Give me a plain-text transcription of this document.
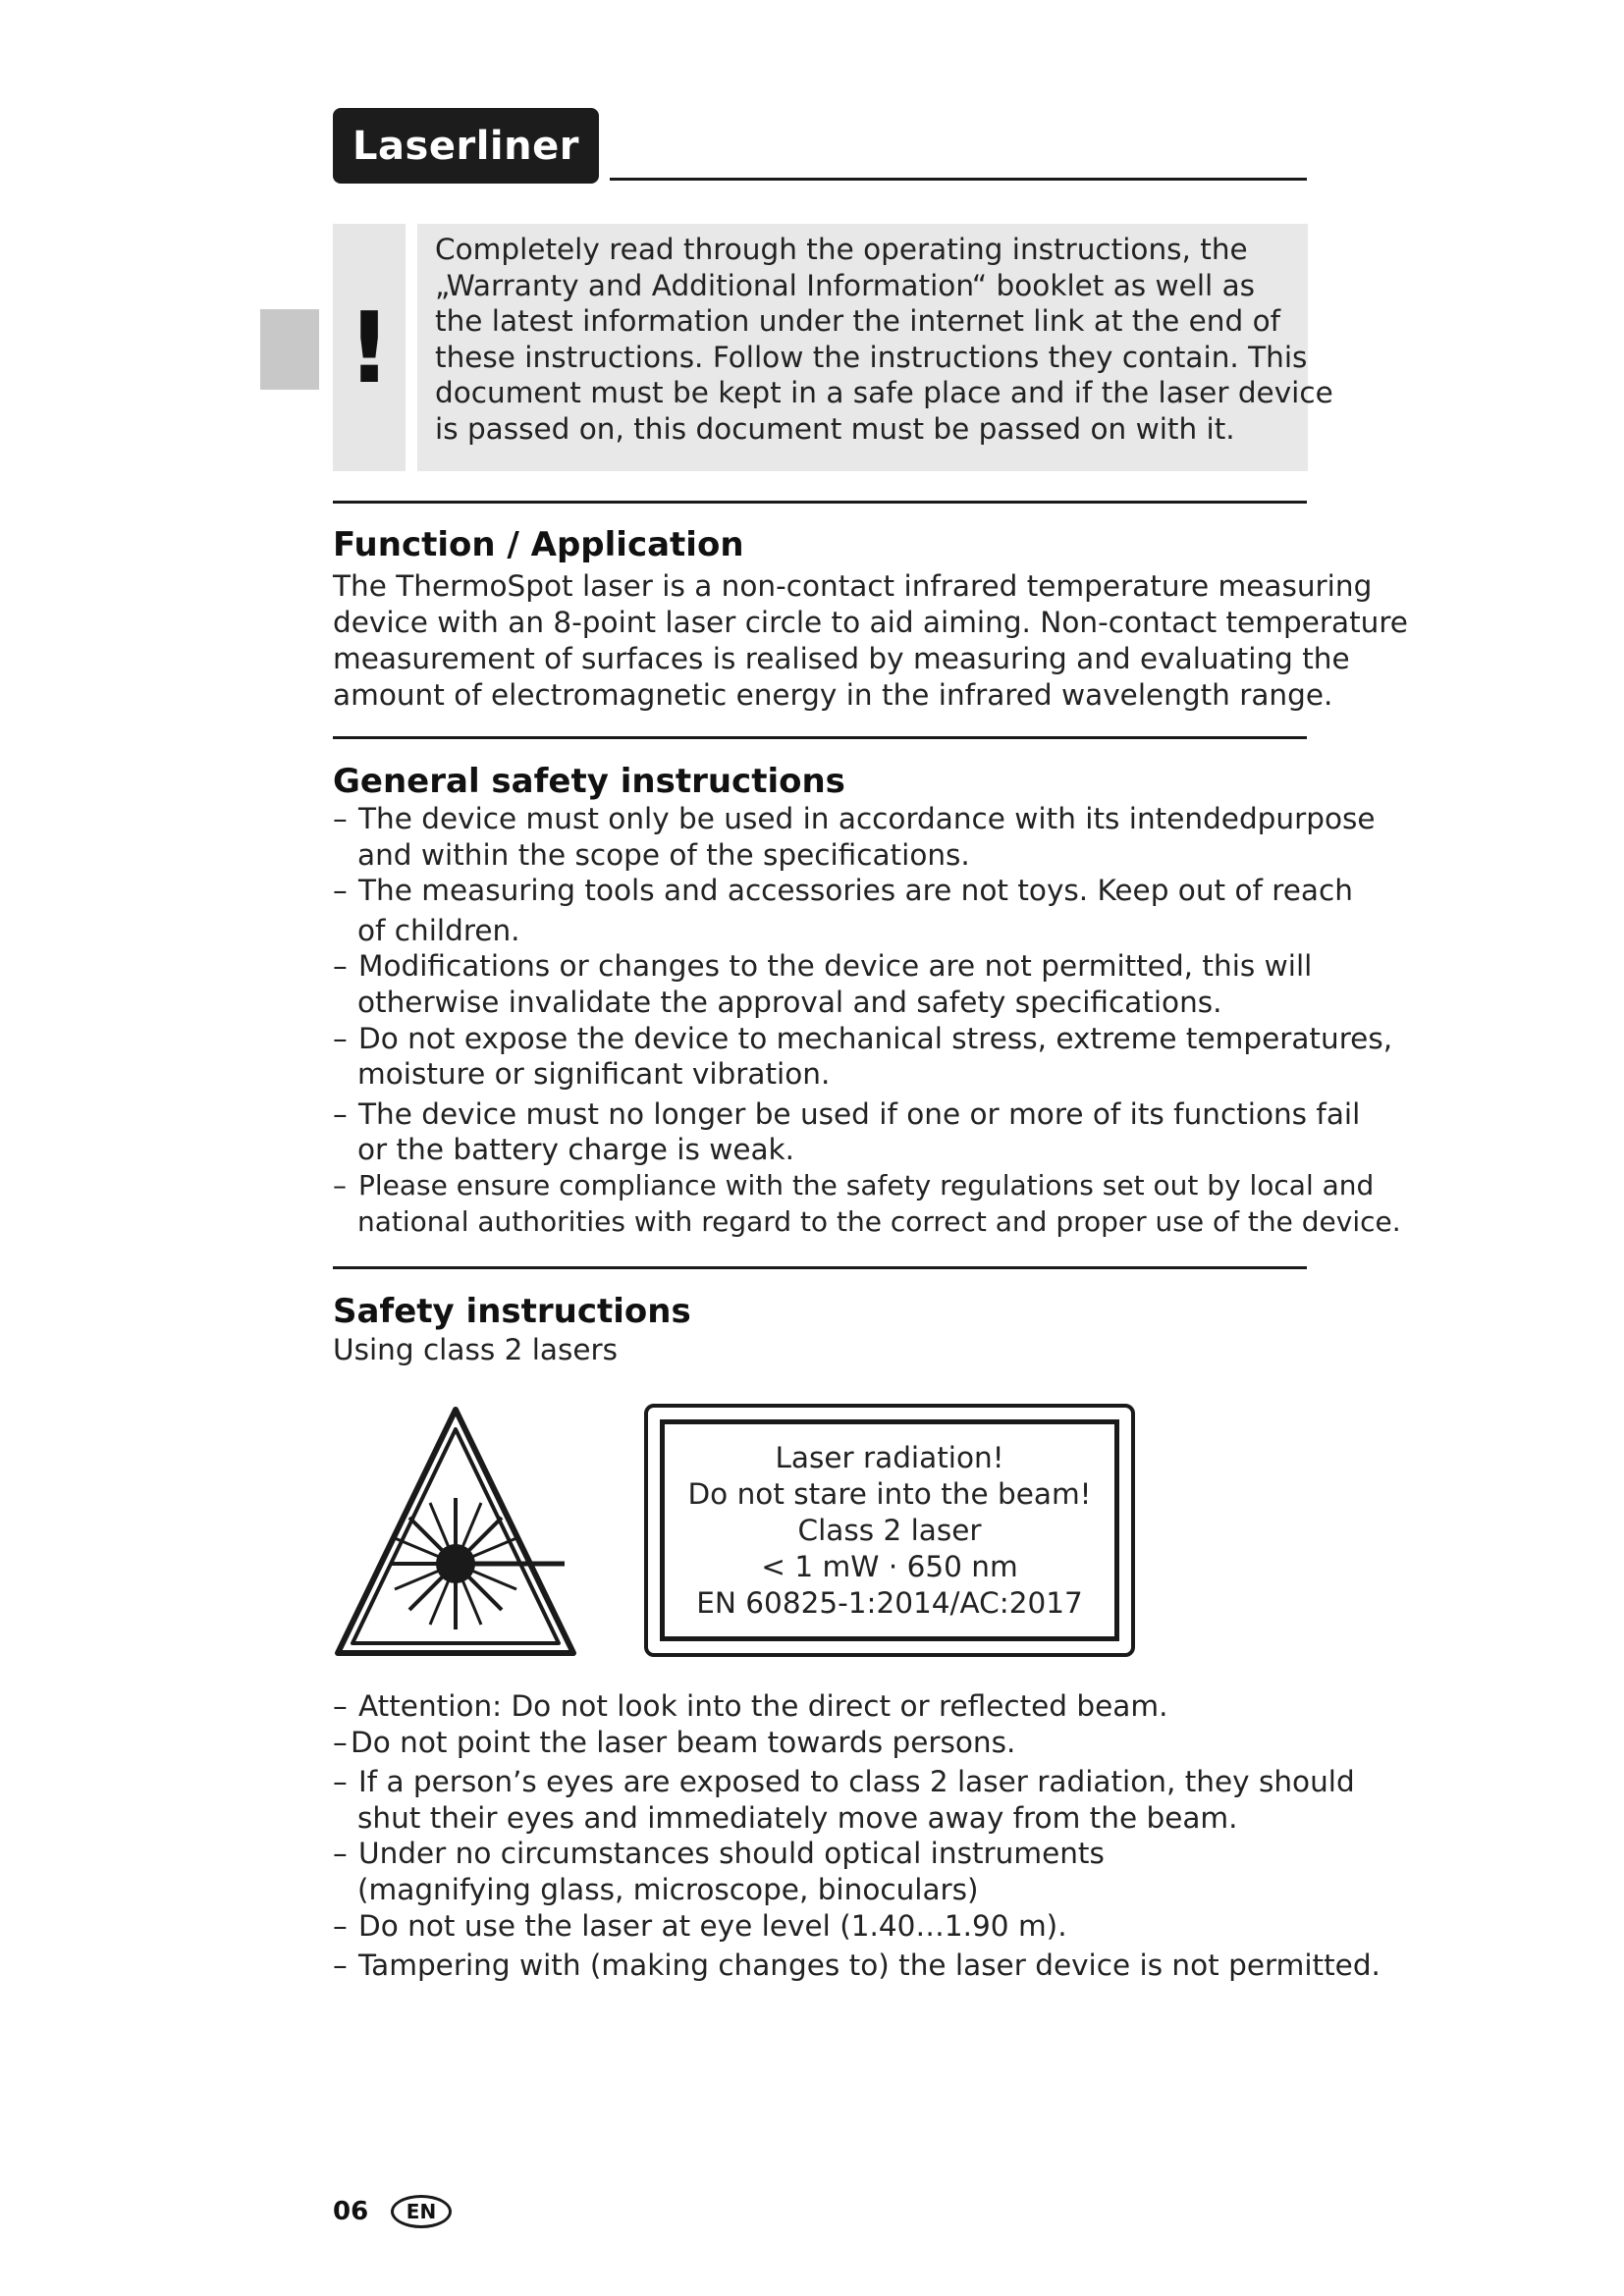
Laserliner
!
Completely read through the operating instructions, the
„Warranty and Additional Information“ booklet as well as
the latest information under the internet link at the end of
these instructions. Follow the instructions they contain. This
document must be kept in a safe place and if the laser device
is passed on, this document must be passed on with it.
Function / Application
The ThermoSpot laser is a non-contact infrared temperature measuring
device with an 8-point laser circle to aid aiming. Non-contact temperature
measurement of surfaces is realised by measuring and evaluating the
amount of electromagnetic energy in the infrared wavelength range.
General safety instructions
– The device must only be used in accordance with its intendedpurpose
and within the scope of the specifications.
– The measuring tools and accessories are not toys. Keep out of reach
of children.
– Modifications or changes to the device are not permitted, this will
otherwise invalidate the approval and safety specifications.
– Do not expose the device to mechanical stress, extreme temperatures,
moisture or significant vibration.
– The device must no longer be used if one or more of its functions fail
or the battery charge is weak.
– Please ensure compliance with the safety regulations set out by local and
national authorities with regard to the correct and proper use of the device.
Safety instructions
Using class 2 lasers
Laser radiation!
Do not stare into the beam!
Class 2 laser
< 1 mW · 650 nm
EN 60825-1:2014/AC:2017
– Attention: Do not look into the direct or reflected beam.
– Do not point the laser beam towards persons.
– If a person’s eyes are exposed to class 2 laser radiation, they should
shut their eyes and immediately move away from the beam.
– Under no circumstances should optical instruments
(magnifying glass, microscope, binoculars)
– Do not use the laser at eye level (1.40…1.90 m).
– Tampering with (making changes to) the laser device is not permitted.
06	EN
